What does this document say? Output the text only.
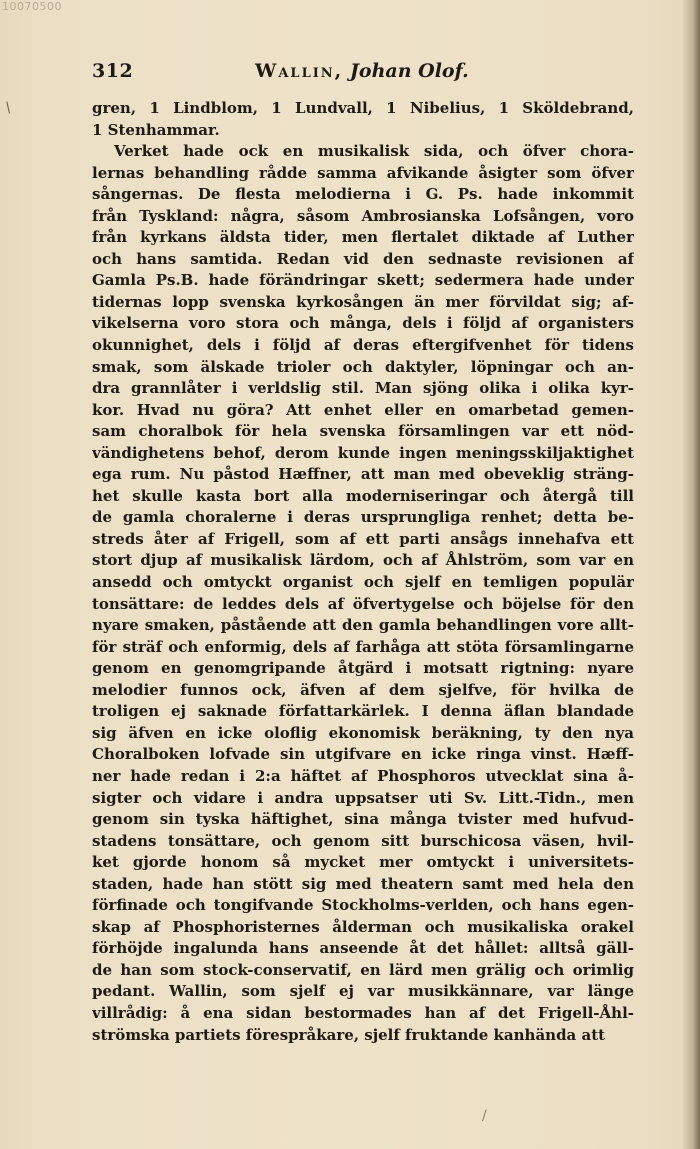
10070500
312	Wallin, Johan Olof.
/	gren, 1 Lindblom, 1 Lundvall, 1 Nibelius, 1 Sköldebrand,
1 Stenhammar.
Verket hade ock en musikalisk sida, och öfver chora-
lernas behandling rådde samma afvikande åsigter som öfver
sångernas. De flesta melodierna i G. Ps. hade inkommit
från Tyskland: några, såsom Ambrosianska Lofsången, voro
från kyrkans äldsta tider, men flertalet diktade af Luther
och hans samtida. Redan vid den sednaste revisionen af
Gamla Ps.B. hade förändringar skett; sedermera hade under
tidernas lopp svenska kyrkosången än mer förvildat sig; af-
vikelserna voro stora och många, dels i följd af organisters
okunnighet, dels i följd af deras eftergifvenhet för tidens
smak, som älskade trioler och daktyler, löpningar och an-
dra grannlåter i verldslig stil. Man sjöng olika i olika kyr-
kor. Hvad nu göra? Att enhet eller en omarbetad gemen-
sam choralbok för hela svenska församlingen var ett nöd-
vändighetens behof, derom kunde ingen meningsskiljaktighet
ega rum. Nu påstod Hæffner, att man med obeveklig sträng-
het skulle kasta bort alla moderniseringar och återgå till
de gamla choralerne i deras ursprungliga renhet; detta be-
streds åter af Frigell, som af ett parti ansågs innehafva ett
stort djup af musikalisk lärdom, och af Åhlström, som var en
ansedd och omtyckt organist och sjelf en temligen populär
tonsättare: de leddes dels af öfvertygelse och böjelse för den
nyare smaken, påstående att den gamla behandlingen vore allt-
för sträf och enformig, dels af farhåga att stöta församlingarne
genom en genomgripande åtgärd i motsatt rigtning: nyare
melodier funnos ock, äfven af dem sjelfve, för hvilka de
troligen ej saknade författarkärlek. I denna äflan blandade
sig äfven en icke oloflig ekonomisk beräkning, ty den nya
Choralboken lofvade sin utgifvare en icke ringa vinst. Hæff-
ner hade redan i 2:a häftet af Phosphoros utvecklat sina å-
sigter och vidare i andra uppsatser uti Sv. Litt.-Tidn., men
genom sin tyska häftighet, sina många tvister med hufvud-
stadens tonsättare, och genom sitt burschicosa väsen, hvil-
ket gjorde honom så mycket mer omtyckt i universitets-
staden, hade han stött sig med theatern samt med hela den
förfinade och tongifvande Stockholms-verlden, och hans egen-
skap af Phosphoristernes ålderman och musikaliska orakel
förhöjde ingalunda hans anseende åt det hållet: alltså gäll-
de han som stock-conservatif, en lärd men grälig och orimlig
pedant. Wallin, som sjelf ej var musikkännare, var länge
villrådig: å ena sidan bestormades han af det Frigell-Åhl-
strömska partiets förespråkare, sjelf fruktande kanhända att
/
